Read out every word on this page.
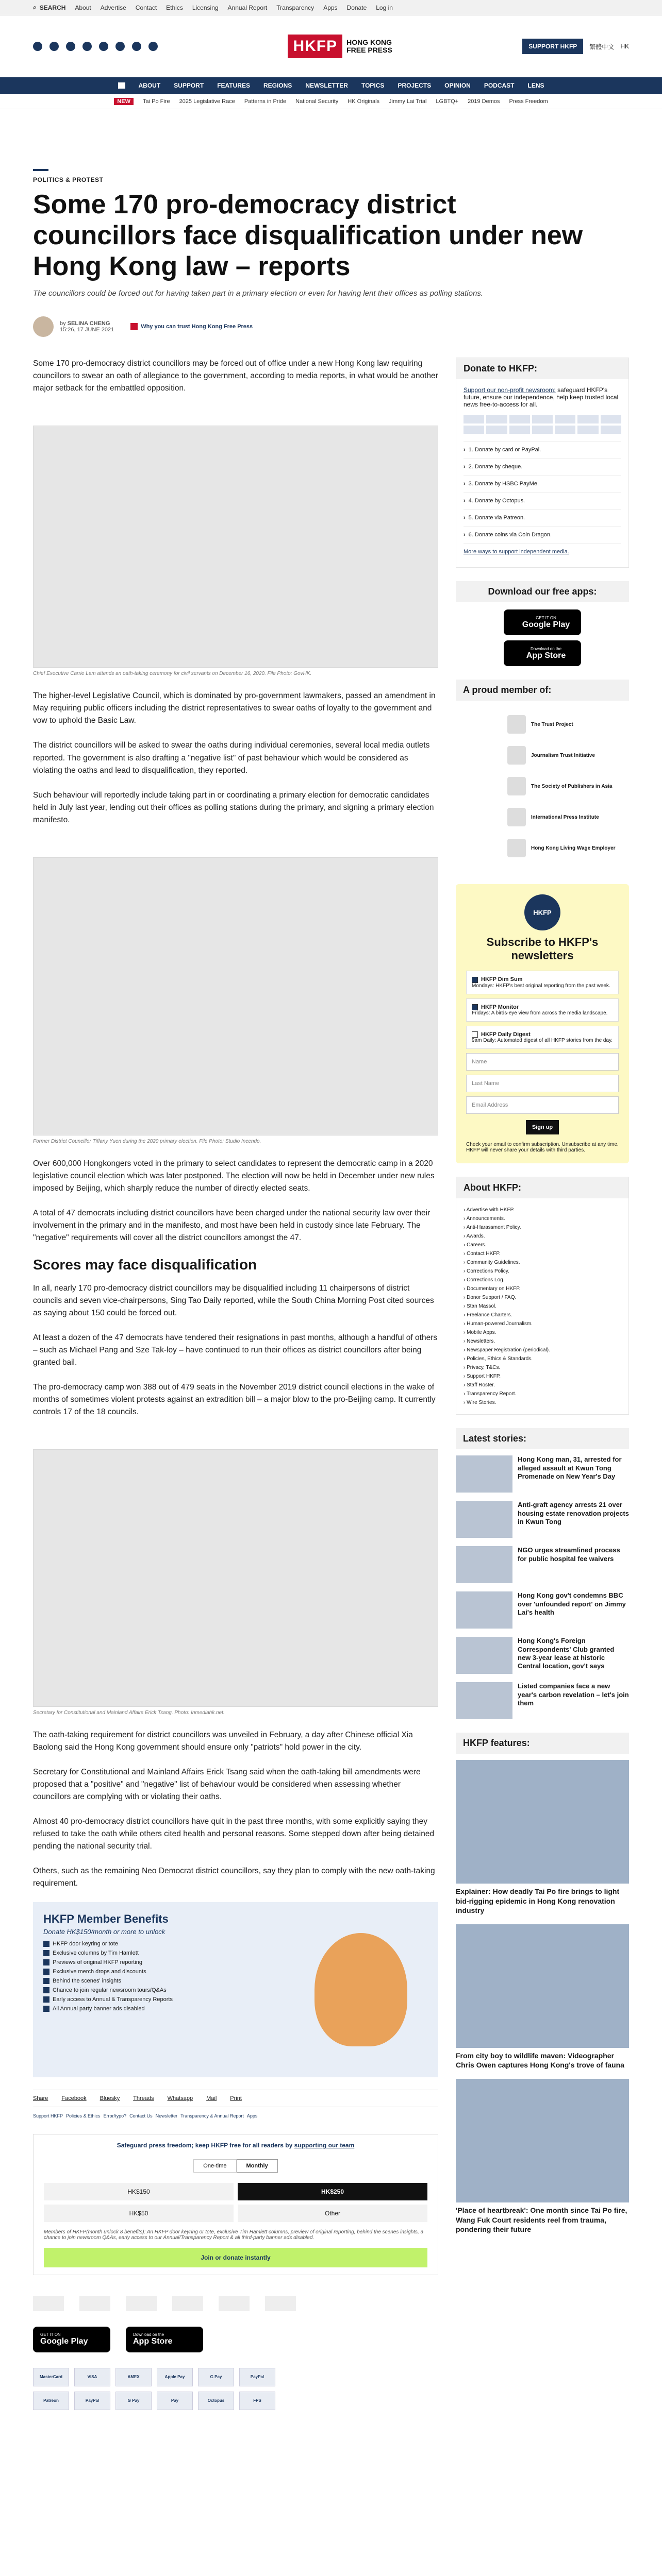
⌕ SEARCH About Advertise Contact Ethics Licensing Annual Report Transparency Apps Donate Log in
HKFP	HONG KONG
FREE PRESS	SUPPORT HKFP	繁體中文 HK
ABOUT SUPPORT FEATURES REGIONS NEWSLETTER TOPICS PROJECTS OPINION PODCAST LENS
NEW	Tai Po Fire 2025 Legislative Race Patterns in Pride National Security HK Originals Jimmy Lai Trial LGBTQ+ 2019 Demos Press Freedom
POLITICS & PROTEST
Some 170 pro-democracy district councillors face disqualification under new Hong Kong law – reports
The councillors could be forced out for having taken part in a primary election or even for having lent their offices as polling stations.
by SELINA CHENG
15:26, 17 JUNE 2021	Why you can trust Hong Kong Free Press

Some 170 pro-democracy district councillors may be forced out of office under a new Hong Kong law requiring councillors to swear an oath of allegiance to the government, according to media reports, in what would be another major setback for the embattled opposition.

Chief Executive Carrie Lam attends an oath-taking ceremony for civil servants on December 16, 2020. File Photo: GovHK.

The higher-level Legislative Council, which is dominated by pro-government lawmakers, passed an amendment in May requiring public officers including the district representatives to swear oaths of loyalty to the government and vow to uphold the Basic Law.

The district councillors will be asked to swear the oaths during individual ceremonies, several local media outlets reported. The government is also drafting a "negative list" of past behaviour which would be considered as violating the oaths and lead to disqualification, they reported.

Such behaviour will reportedly include taking part in or coordinating a primary election for democratic candidates held in July last year, lending out their offices as polling stations during the primary, and signing a primary election manifesto.

Former District Councillor Tiffany Yuen during the 2020 primary election. File Photo: Studio Incendo.

Over 600,000 Hongkongers voted in the primary to select candidates to represent the democratic camp in a 2020 legislative council election which was later postponed. The election will now be held in December under new rules imposed by Beijing, which sharply reduce the number of directly elected seats.

A total of 47 democrats including district councillors have been charged under the national security law over their involvement in the primary and in the manifesto, and most have been held in custody since late February. The "negative" requirements will cover all the district councillors amongst the 47.

Scores may face disqualification

In all, nearly 170 pro-democracy district councillors may be disqualified including 11 chairpersons of district councils and seven vice-chairpersons, Sing Tao Daily reported, while the South China Morning Post cited sources as saying about 150 could be forced out.

At least a dozen of the 47 democrats have tendered their resignations in past months, although a handful of others – such as Michael Pang and Sze Tak-loy – have continued to run their offices as district councillors after being granted bail.

The pro-democracy camp won 388 out of 479 seats in the November 2019 district council elections in the wake of months of sometimes violent protests against an extradition bill – a major blow to the pro-Beijing camp. It currently controls 17 of the 18 councils.

Secretary for Constitutional and Mainland Affairs Erick Tsang. Photo: Inmediahk.net.

The oath-taking requirement for district councillors was unveiled in February, a day after Chinese official Xia Baolong said the Hong Kong government should ensure only "patriots" hold power in the city.

Secretary for Constitutional and Mainland Affairs Erick Tsang said when the oath-taking bill amendments were proposed that a "positive" and "negative" list of behaviour would be considered when assessing whether councillors are complying with or violating their oaths.

Almost 40 pro-democracy district councillors have quit in the past three months, with some explicitly saying they refused to take the oath while others cited health and personal reasons. Some stepped down after being detained pending the national security trial.

Others, such as the remaining Neo Democrat district councillors, say they plan to comply with the new oath-taking requirement.

HKFP Member Benefits
Donate HK$150/month or more to unlock
HKFP door keyring or tote
Exclusive columns by Tim Hamlett
Previews of original HKFP reporting
Exclusive merch drops and discounts
Behind the scenes' insights
Chance to join regular newsroom tours/Q&As
Early access to Annual & Transparency Reports
All Annual party banner ads disabled
Share Facebook Bluesky Threads Whatsapp Mail Print
Support HKFP Policies & Ethics Error/typo? Contact Us Newsletter Transparency & Annual Report Apps
Safeguard press freedom; keep HKFP free for all readers by supporting our team
One-time	Monthly
HK$150	HK$250
HK$50	Other
Members of HKFP(month unlock 8 benefits): An HKFP door keyring or tote, exclusive Tim Hamlett columns, preview of original reporting, behind the scenes insights, a chance to join newsroom Q&As, early access to our Annual/Transparency Report & all third-party banner ads disabled.
Join or donate instantly
GET IT ON
Google Play
Download on the
App Store
MasterCard	VISA	AMEX	Apple Pay	G Pay	PayPal
Patreon	PayPal	G Pay	Pay	Octopus	FPS
Donate to HKFP:
Support our non-profit newsroom: safeguard HKFP's future, ensure our independence, help keep trusted local news free-to-access for all.
› 1. Donate by card or PayPal.
› 2. Donate by cheque.
› 3. Donate by HSBC PayMe.
› 4. Donate by Octopus.
› 5. Donate via Patreon.
› 6. Donate coins via Coin Dragon.
More ways to support independent media.
Download our free apps:
GET IT ON
Google Play
Download on the
App Store
A proud member of:
The Trust Project
Journalism Trust Initiative
The Society of Publishers in Asia
International Press Institute
Hong Kong Living Wage Employer
HKFP
Subscribe to HKFP's newsletters
HKFP Dim Sum
Mondays: HKFP's best original reporting from the past week.
HKFP Monitor
Fridays: A birds-eye view from across the media landscape.
HKFP Daily Digest
9am Daily: Automated digest of all HKFP stories from the day.
Name
Last Name
Email Address
Sign up
Check your email to confirm subscription. Unsubscribe at any time. HKFP will never share your details with third parties.
About HKFP:
› Advertise with HKFP.
› Announcements.
› Anti-Harassment Policy.
› Awards.
› Careers.
› Contact HKFP.
› Community Guidelines.
› Corrections Policy.
› Corrections Log.
› Documentary on HKFP.
› Donor Support / FAQ.
› Stan Massol.
› Freelance Charters.
› Human-powered Journalism.
› Mobile Apps.
› Newsletters.
› Newspaper Registration (periodical).
› Policies, Ethics & Standards.
› Privacy, T&Cs.
› Support HKFP.
› Staff Roster.
› Transparency Report.
› Wire Stories.
Latest stories:
Hong Kong man, 31, arrested for alleged assault at Kwun Tong Promenade on New Year's Day
Anti-graft agency arrests 21 over housing estate renovation projects in Kwun Tong
NGO urges streamlined process for public hospital fee waivers
Hong Kong gov't condemns BBC over 'unfounded report' on Jimmy Lai's health
Hong Kong's Foreign Correspondents' Club granted new 3-year lease at historic Central location, gov't says
Listed companies face a new year's carbon revelation – let's join them
HKFP features:
Explainer: How deadly Tai Po fire brings to light bid-rigging epidemic in Hong Kong renovation industry
From city boy to wildlife maven: Videographer Chris Owen captures Hong Kong's trove of fauna
'Place of heartbreak': One month since Tai Po fire, Wang Fuk Court residents reel from trauma, pondering their future
